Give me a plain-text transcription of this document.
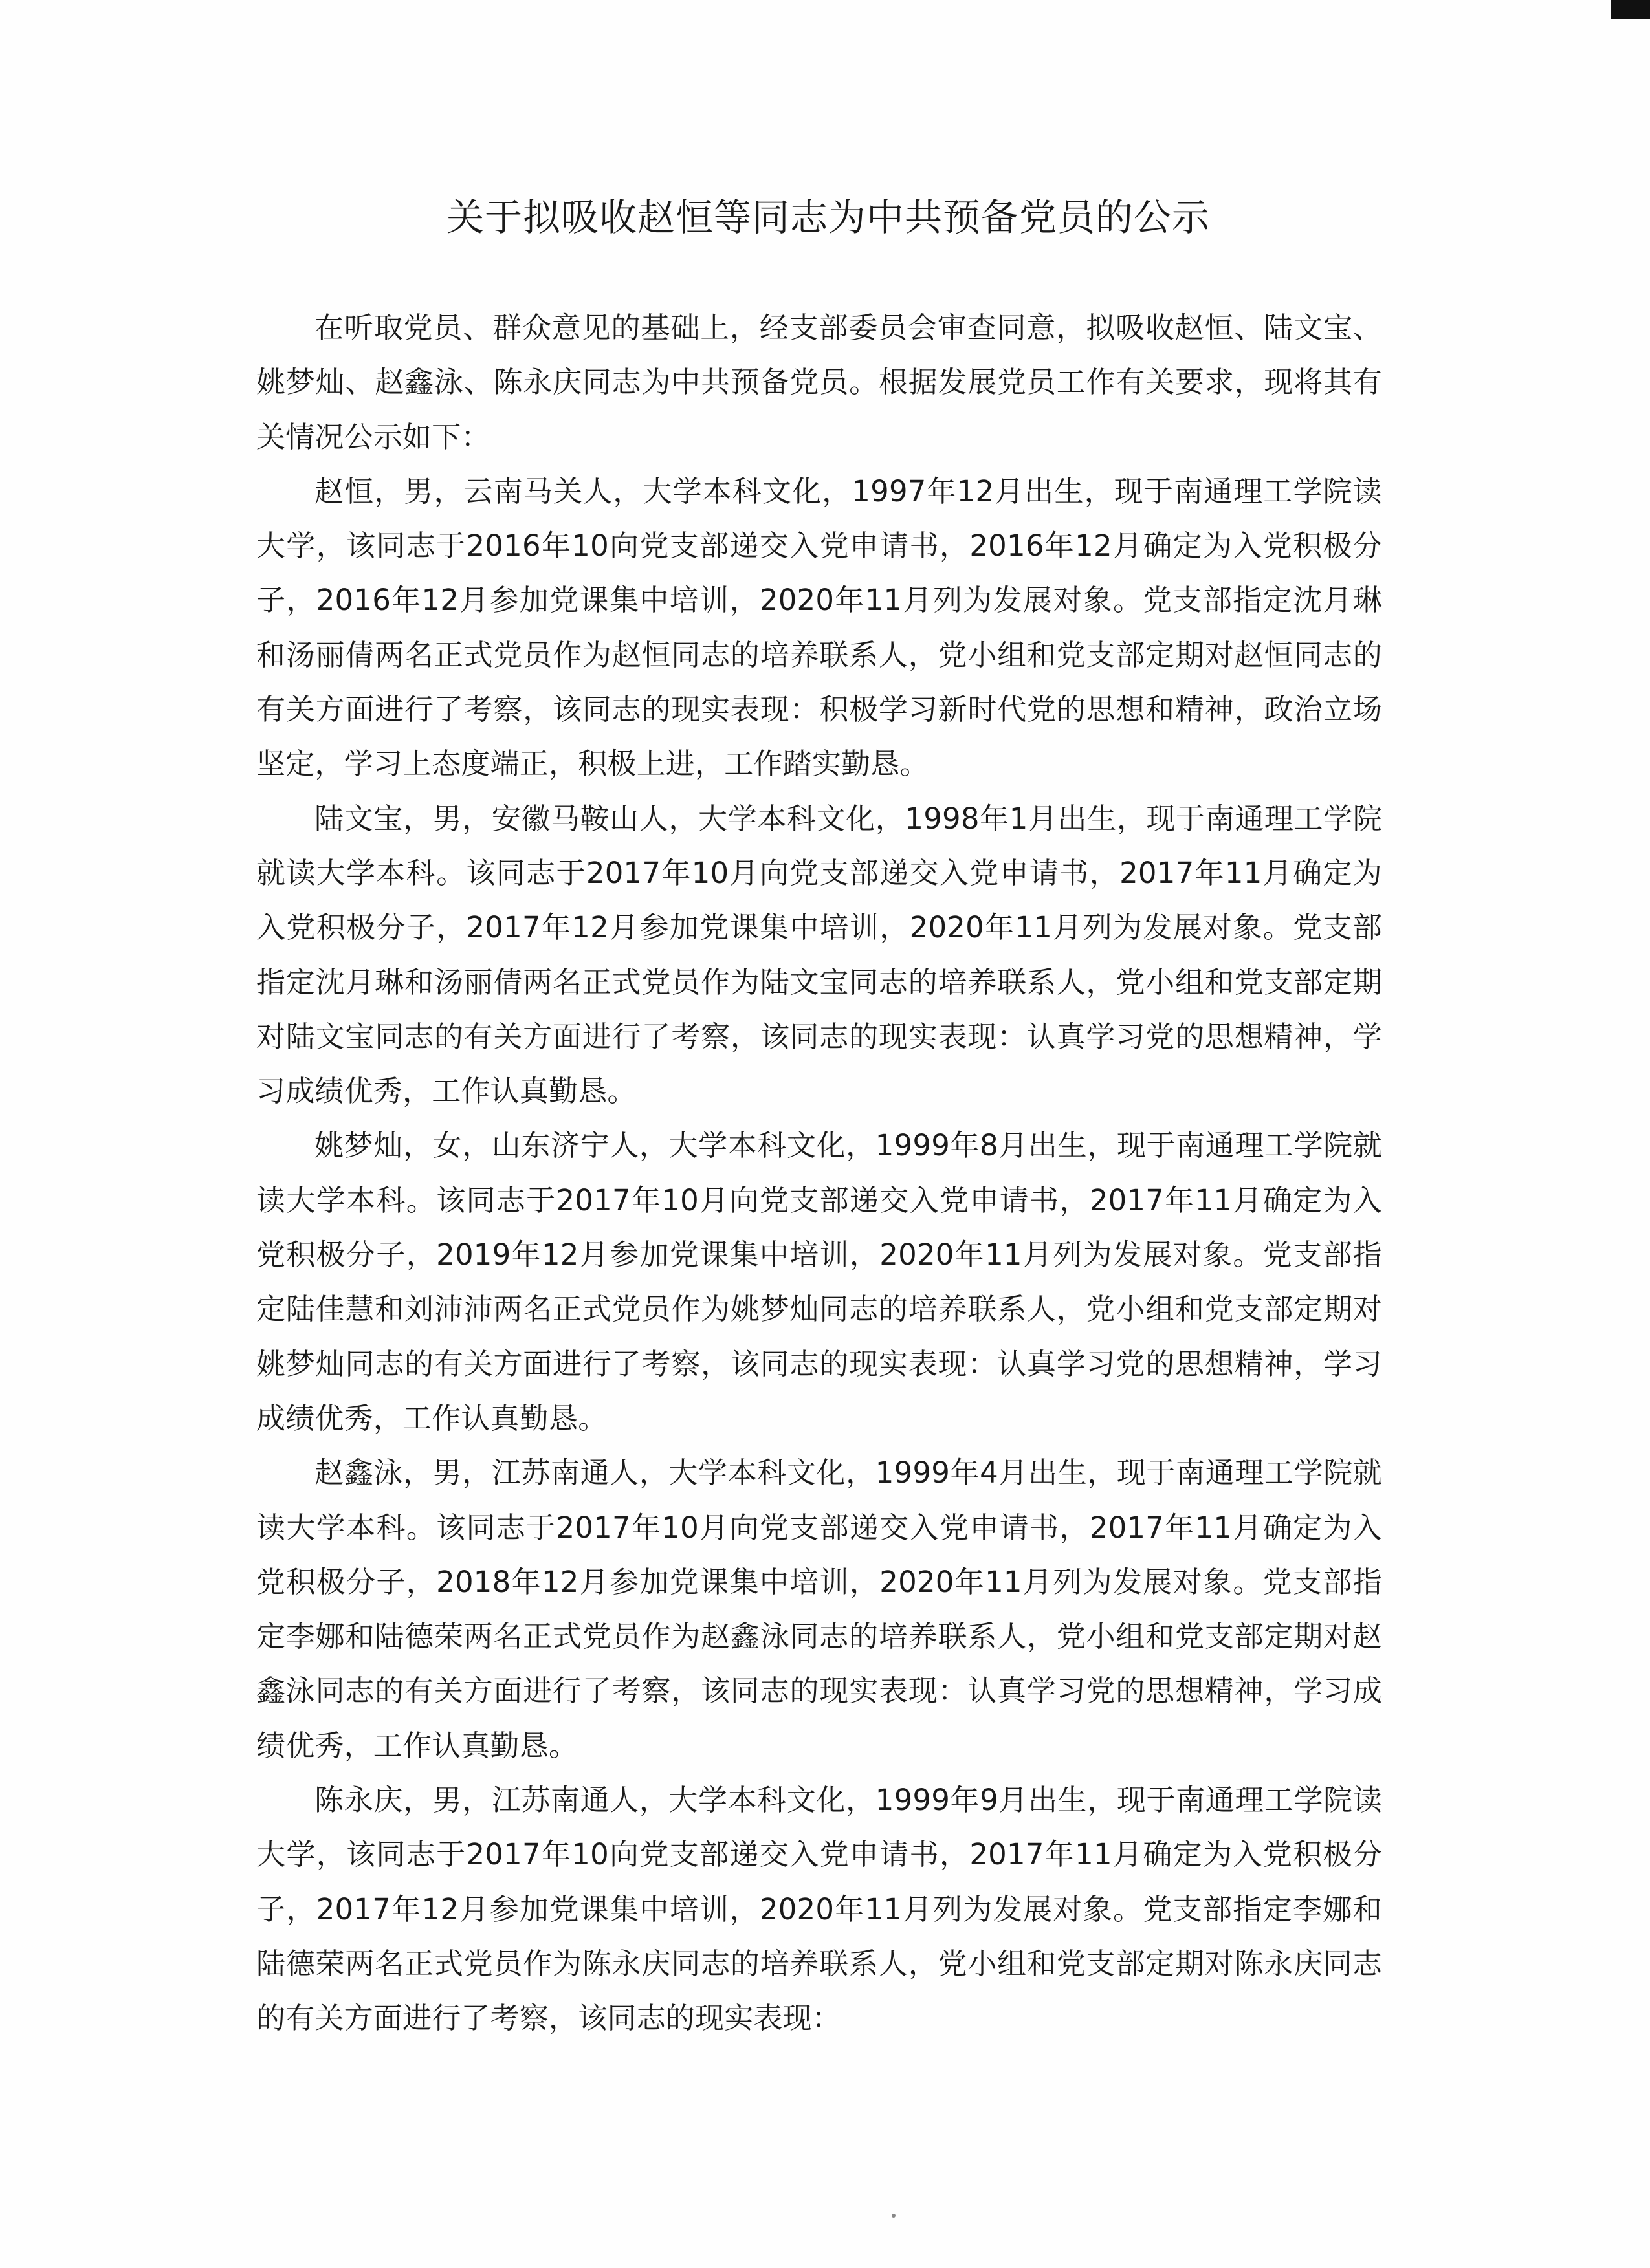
关于拟吸收赵恒等同志为中共预备党员的公示

在听取党员、群众意见的基础上，经支部委员会审查同意，拟吸收赵恒、陆文宝、姚梦灿、赵鑫泳、陈永庆同志为中共预备党员。根据发展党员工作有关要求，现将其有关情况公示如下：

赵恒，男，云南马关人，大学本科文化，1997年12月出生，现于南通理工学院读大学，该同志于2016年10向党支部递交入党申请书，2016年12月确定为入党积极分子，2016年12月参加党课集中培训，2020年11月列为发展对象。党支部指定沈月琳和汤丽倩两名正式党员作为赵恒同志的培养联系人，党小组和党支部定期对赵恒同志的有关方面进行了考察，该同志的现实表现：积极学习新时代党的思想和精神，政治立场坚定，学习上态度端正，积极上进，工作踏实勤恳。

陆文宝，男，安徽马鞍山人，大学本科文化，1998年1月出生，现于南通理工学院就读大学本科。该同志于2017年10月向党支部递交入党申请书，2017年11月确定为入党积极分子，2017年12月参加党课集中培训，2020年11月列为发展对象。党支部指定沈月琳和汤丽倩两名正式党员作为陆文宝同志的培养联系人，党小组和党支部定期对陆文宝同志的有关方面进行了考察，该同志的现实表现：认真学习党的思想精神，学习成绩优秀，工作认真勤恳。

姚梦灿，女，山东济宁人，大学本科文化，1999年8月出生，现于南通理工学院就读大学本科。该同志于2017年10月向党支部递交入党申请书，2017年11月确定为入党积极分子，2019年12月参加党课集中培训，2020年11月列为发展对象。党支部指定陆佳慧和刘沛沛两名正式党员作为姚梦灿同志的培养联系人，党小组和党支部定期对姚梦灿同志的有关方面进行了考察，该同志的现实表现：认真学习党的思想精神，学习成绩优秀，工作认真勤恳。

赵鑫泳，男，江苏南通人，大学本科文化，1999年4月出生，现于南通理工学院就读大学本科。该同志于2017年10月向党支部递交入党申请书，2017年11月确定为入党积极分子，2018年12月参加党课集中培训，2020年11月列为发展对象。党支部指定李娜和陆德荣两名正式党员作为赵鑫泳同志的培养联系人，党小组和党支部定期对赵鑫泳同志的有关方面进行了考察，该同志的现实表现：认真学习党的思想精神，学习成绩优秀，工作认真勤恳。

陈永庆，男，江苏南通人，大学本科文化，1999年9月出生，现于南通理工学院读大学，该同志于2017年10向党支部递交入党申请书，2017年11月确定为入党积极分子，2017年12月参加党课集中培训，2020年11月列为发展对象。党支部指定李娜和陆德荣两名正式党员作为陈永庆同志的培养联系人，党小组和党支部定期对陈永庆同志的有关方面进行了考察，该同志的现实表现：
